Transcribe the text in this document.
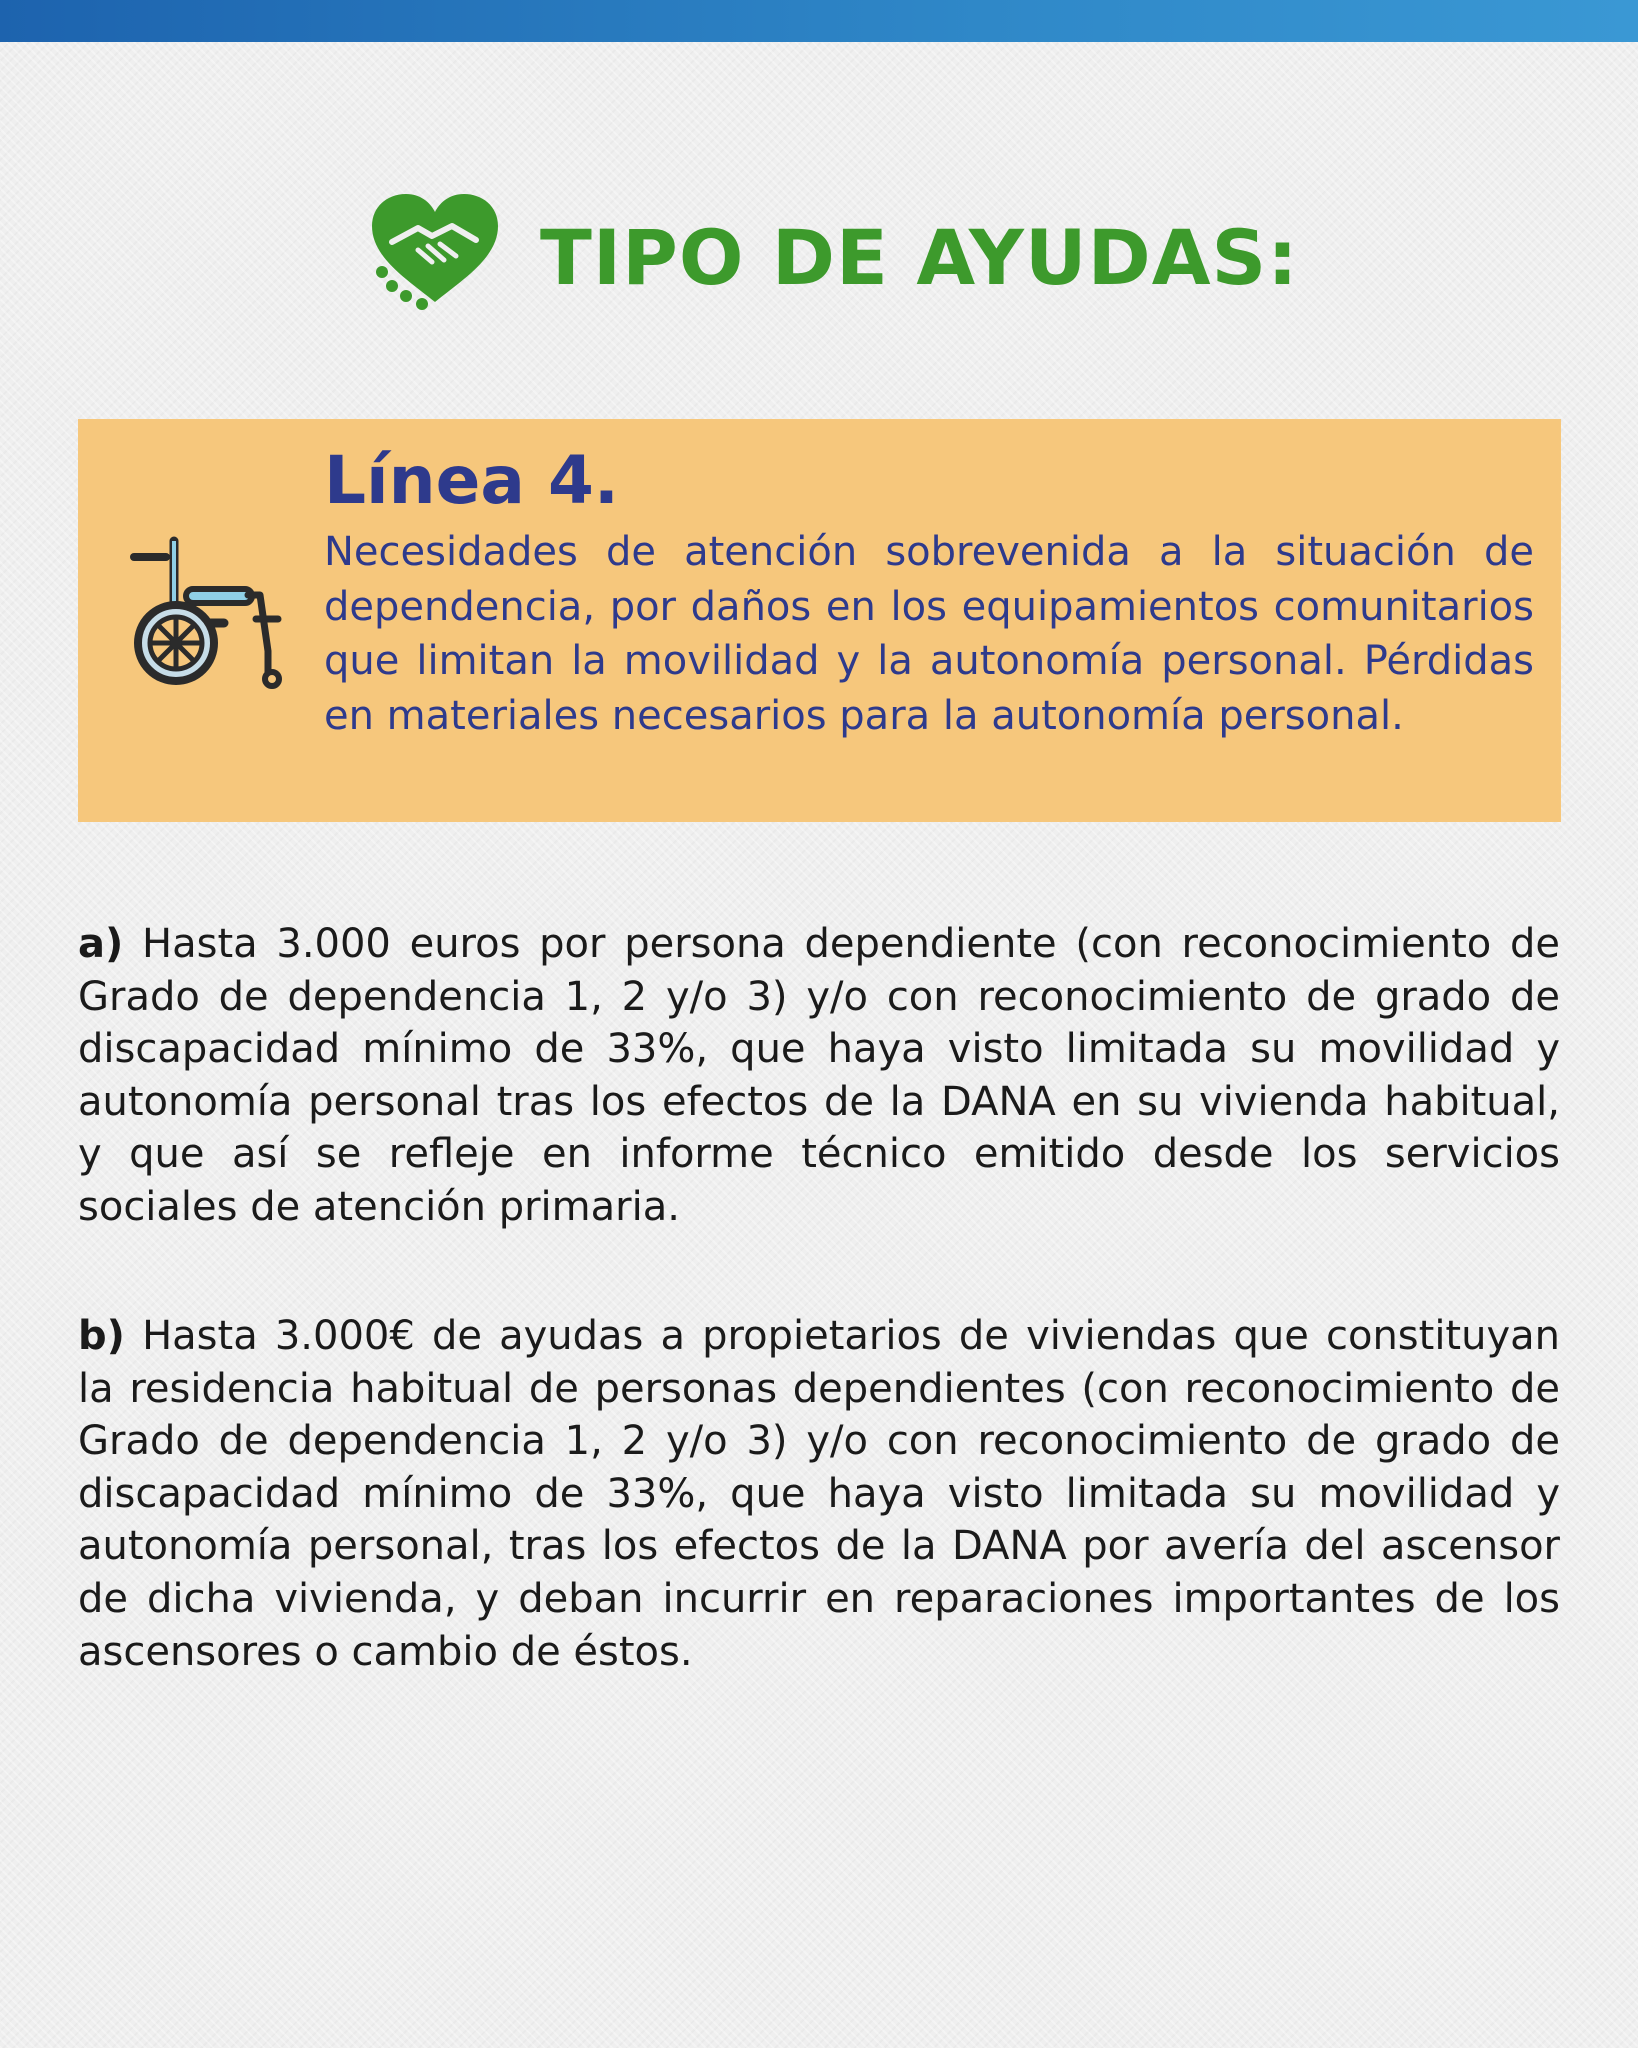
TIPO DE AYUDAS:
Línea 4.

Necesidades de atención sobrevenida a la situación de dependencia, por daños en los equipamientos comunitarios que limitan la movilidad y la autonomía personal. Pérdidas en materiales necesarios para la autonomía personal.

a) Hasta 3.000 euros por persona dependiente (con reconocimiento de Grado de dependencia 1, 2 y/o 3) y/o con reconocimiento de grado de discapacidad mínimo de 33%, que haya visto limitada su movilidad y autonomía personal tras los efectos de la DANA en su vivienda habitual, y que así se refleje en informe técnico emitido desde los servicios sociales de atención primaria.

b) Hasta 3.000€ de ayudas a propietarios de viviendas que constituyan la residencia habitual de personas dependientes (con reconocimiento de Grado de dependencia 1, 2 y/o 3) y/o con reconocimiento de grado de discapacidad mínimo de 33%, que haya visto limitada su movilidad y autonomía personal, tras los efectos de la DANA por avería del ascensor de dicha vivienda, y deban incurrir en reparaciones importantes de los ascensores o cambio de éstos.
